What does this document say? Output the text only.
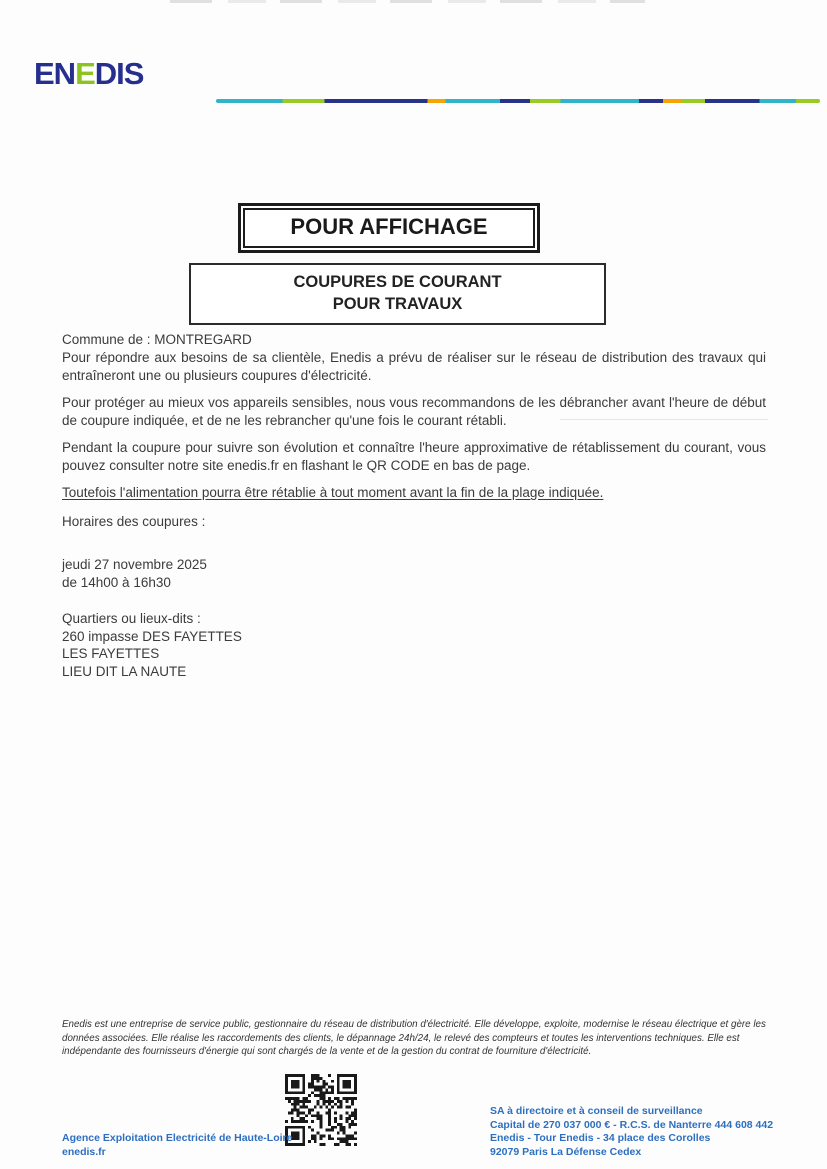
enedis
POUR AFFICHAGE
COUPURES DE COURANT
POUR TRAVAUX

Commune de : MONTREGARD

Pour répondre aux besoins de sa clientèle, Enedis a prévu de réaliser sur le réseau de distribution des travaux qui entraîneront une ou plusieurs coupures d'électricité.

Pour protéger au mieux vos appareils sensibles, nous vous recommandons de les débrancher avant l'heure de début de coupure indiquée, et de ne les rebrancher qu'une fois le courant rétabli.

Pendant la coupure pour suivre son évolution et connaître l'heure approximative de rétablissement du courant, vous pouvez consulter notre site enedis.fr en flashant le QR CODE en bas de page.

Toutefois l'alimentation pourra être rétablie à tout moment avant la fin de la plage indiquée.

Horaires des coupures :

jeudi 27 novembre 2025
de 14h00 à 16h30
Quartiers ou lieux-dits :
260 impasse DES FAYETTES
LES FAYETTES
LIEU DIT LA NAUTE

Enedis est une entreprise de service public, gestionnaire du réseau de distribution d'électricité. Elle développe, exploite, modernise le réseau électrique et gère les données associées. Elle réalise les raccordements des clients, le dépannage 24h/24, le relevé des compteurs et toutes les interventions techniques. Elle est indépendante des fournisseurs d'énergie qui sont chargés de la vente et de la gestion du contrat de fourniture d'électricité.

Agence Exploitation Electricité de Haute-Loire
enedis.fr
SA à directoire et à conseil de surveillance
Capital de 270 037 000 € - R.C.S. de Nanterre 444 608 442
Enedis - Tour Enedis - 34 place des Corolles
92079 Paris La Défense Cedex
